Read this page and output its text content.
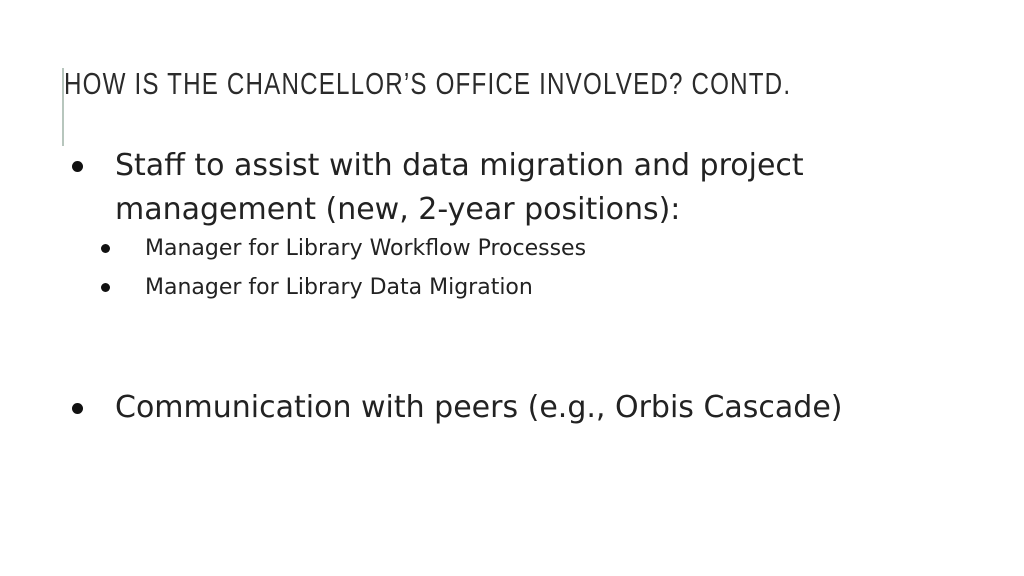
HOW IS THE CHANCELLOR’S OFFICE INVOLVED? CONTD.
Staff to assist with data migration and project management (new, 2-year positions):
Manager for Library Workflow Processes
Manager for Library Data Migration
Communication with peers (e.g., Orbis Cascade)
